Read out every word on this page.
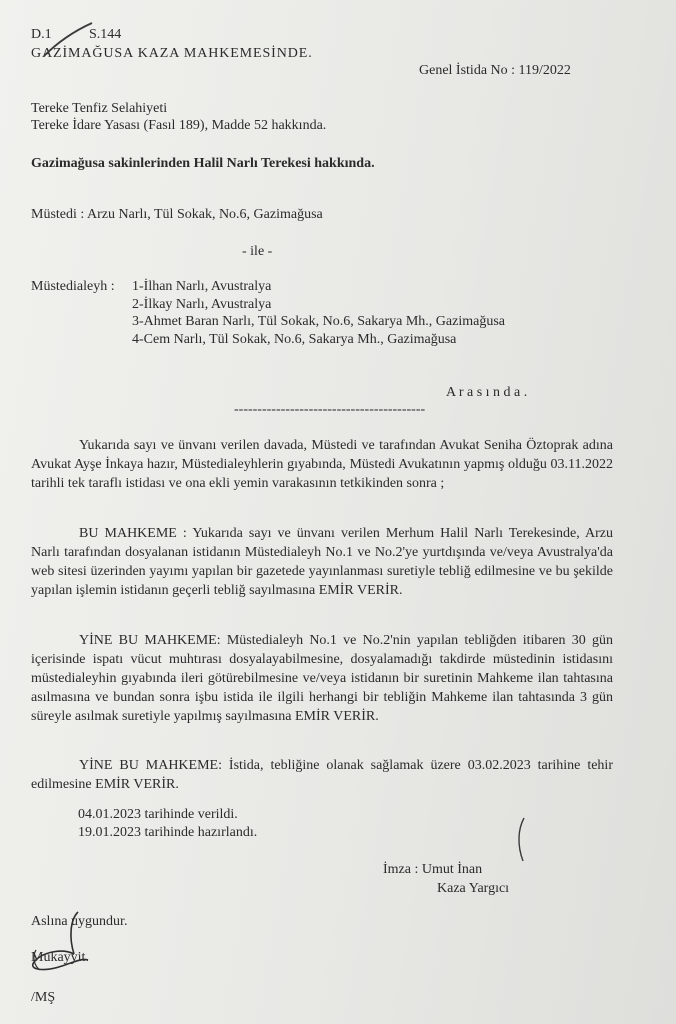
D.1	S.144
GAZİMAĞUSA KAZA MAHKEMESİNDE.
Genel İstida No : 119/2022
Tereke Tenfiz Selahiyeti
Tereke İdare Yasası (Fasıl 189), Madde 52 hakkında.
Gazimağusa sakinlerinden Halil Narlı Terekesi hakkında.
Müstedi : Arzu Narlı, Tül Sokak, No.6, Gazimağusa
- ile -
Müstedialeyh : 1-İlhan Narlı, Avustralya
2-İlkay Narlı, Avustralya
3-Ahmet Baran Narlı, Tül Sokak, No.6, Sakarya Mh., Gazimağusa
4-Cem Narlı, Tül Sokak, No.6, Sakarya Mh., Gazimağusa
A r a s ı n d a .
-----------------------------------------
Yukarıda sayı ve ünvanı verilen davada, Müstedi ve tarafından Avukat Seniha Öztoprak adına Avukat Ayşe İnkaya hazır, Müstedialeyhlerin gıyabında, Müstedi Avukatının yapmış olduğu 03.11.2022 tarihli tek taraflı istidası ve ona ekli yemin varakasının tetkikinden sonra ;
BU MAHKEME : Yukarıda sayı ve ünvanı verilen Merhum Halil Narlı Terekesinde, Arzu Narlı tarafından dosyalanan istidanın Müstedialeyh No.1 ve No.2'ye yurtdışında ve/veya Avustralya'da web sitesi üzerinden yayımı yapılan bir gazetede yayınlanması suretiyle tebliğ edilmesine ve bu şekilde yapılan işlemin istidanın geçerli tebliğ sayılmasına EMİR VERİR.
YİNE BU MAHKEME: Müstedialeyh No.1 ve No.2'nin yapılan tebliğden itibaren 30 gün içerisinde ispatı vücut muhtırası dosyalayabilmesine, dosyalamadığı takdirde müstedinin istidasını müstedialeyhin gıyabında ileri götürebilmesine ve/veya istidanın bir suretinin Mahkeme ilan tahtasına asılmasına ve bundan sonra işbu istida ile ilgili herhangi bir tebliğin Mahkeme ilan tahtasında 3 gün süreyle asılmak suretiyle yapılmış sayılmasına EMİR VERİR.
YİNE BU MAHKEME: İstida, tebliğine olanak sağlamak üzere 03.02.2023 tarihine tehir edilmesine EMİR VERİR.
04.01.2023 tarihinde verildi.
19.01.2023 tarihinde hazırlandı.
İmza : Umut İnan
Kaza Yargıcı
Aslına uygundur.
Mukayyit.
/MŞ
